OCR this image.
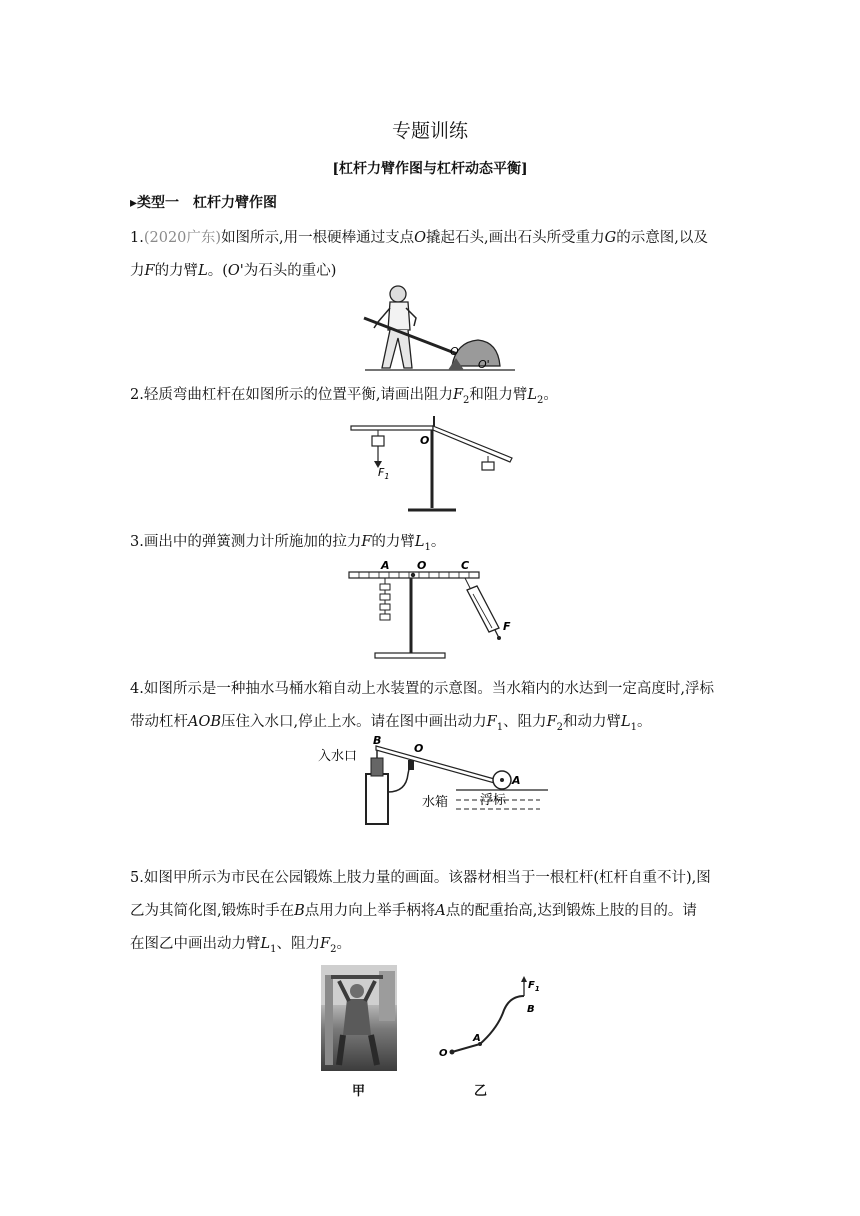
专题训练
[杠杆力臂作图与杠杆动态平衡]
▸类型一　杠杆力臂作图
1.(2020广东)如图所示,用一根硬棒通过支点O撬起石头,画出石头所受重力G的示意图,以及
力F的力臂L。(O'为石头的重心)
O
O'
2.轻质弯曲杠杆在如图所示的位置平衡,请画出阻力$F_2$和阻力臂$L_2$。
$F_1$
O
3.画出中的弹簧测力计所施加的拉力F的力臂$L_1$。
A O	C
F
4.如图所示是一种抽水马桶水箱自动上水装置的示意图。当水箱内的水达到一定高度时,浮标
带动杠杆AOB压住入水口,停止上水。请在图中画出动力$F_1$、阻力$F_2$和动力臂$L_1$。
入水口
B
O
A
水箱 浮标
5.如图甲所示为市民在公园锻炼上肢力量的画面。该器材相当于一根杠杆(杠杆自重不计),图
乙为其简化图,锻炼时手在B点用力向上举手柄将A点的配重抬高,达到锻炼上肢的目的。请
在图乙中画出动力臂$L_1$、阻力$F_2$。
甲
$F_1$
B
A
O
乙
